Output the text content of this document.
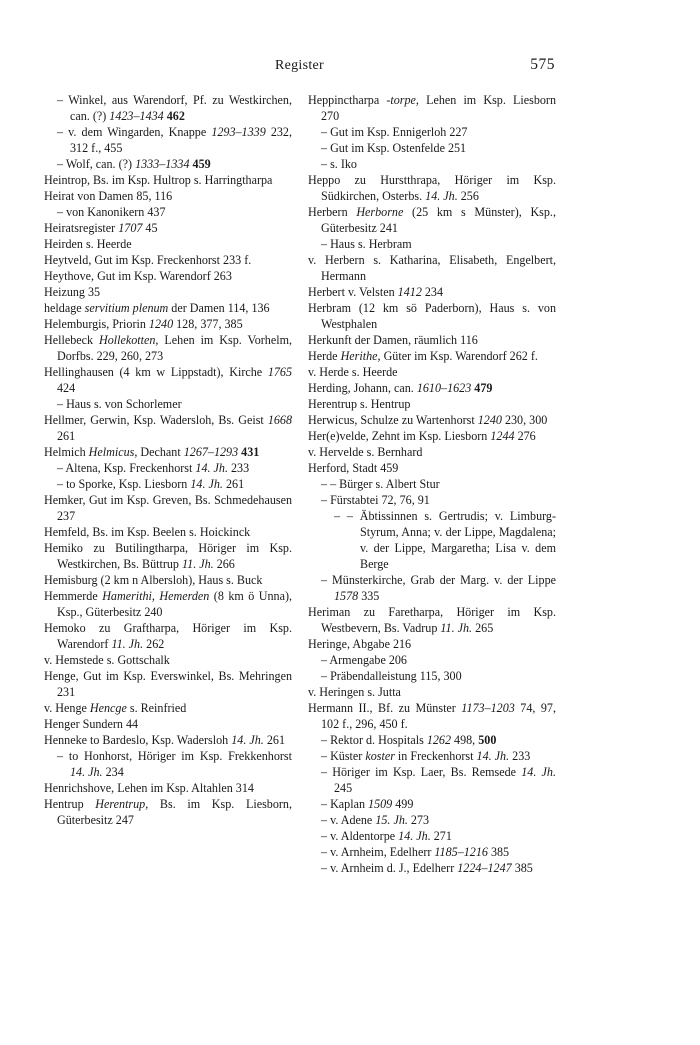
Register	575

– Winkel, aus Warendorf, Pf. zu Westkirchen, can. (?) 1423–1434 462

– v. dem Wingarden, Knappe 1293–1339 232, 312 f., 455

– Wolf, can. (?) 1333–1334 459

Heintrop, Bs. im Ksp. Hultrop s. Harringtharpa

Heirat von Damen 85, 116

– von Kanonikern 437

Heiratsregister 1707 45

Heirden s. Heerde

Heytveld, Gut im Ksp. Freckenhorst 233 f.

Heythove, Gut im Ksp. Warendorf 263

Heizung 35

heldage servitium plenum der Damen 114, 136

Helemburgis, Priorin 1240 128, 377, 385

Hellebeck Hollekotten, Lehen im Ksp. Vorhelm, Dorfbs. 229, 260, 273

Hellinghausen (4 km w Lippstadt), Kirche 1765 424

– Haus s. von Schorlemer

Hellmer, Gerwin, Ksp. Wadersloh, Bs. Geist 1668 261

Helmich Helmicus, Dechant 1267–1293 431

– Altena, Ksp. Freckenhorst 14. Jh. 233

– to Sporke, Ksp. Liesborn 14. Jh. 261

Hemker, Gut im Ksp. Greven, Bs. Schmedehausen 237

Hemfeld, Bs. im Ksp. Beelen s. Hoickinck

Hemiko zu Butilingtharpa, Höriger im Ksp. Westkirchen, Bs. Büttrup 11. Jh. 266

Hemisburg (2 km n Albersloh), Haus s. Buck

Hemmerde Hamerithi, Hemerden (8 km ö Unna), Ksp., Güterbesitz 240

Hemoko zu Graftharpa, Höriger im Ksp. Warendorf 11. Jh. 262

v. Hemstede s. Gottschalk

Henge, Gut im Ksp. Everswinkel, Bs. Mehringen 231

v. Henge Hencge s. Reinfried

Henger Sundern 44

Henneke to Bardeslo, Ksp. Wadersloh 14. Jh. 261

– to Honhorst, Höriger im Ksp. Frekkenhorst 14. Jh. 234

Henrichshove, Lehen im Ksp. Altahlen 314

Hentrup Herentrup, Bs. im Ksp. Liesborn, Güterbesitz 247

Heppinctharpa -torpe, Lehen im Ksp. Liesborn 270

– Gut im Ksp. Ennigerloh 227

– Gut im Ksp. Ostenfelde 251

– s. Iko

Heppo zu Hurstthrapa, Höriger im Ksp. Südkirchen, Osterbs. 14. Jh. 256

Herbern Herborne (25 km s Münster), Ksp., Güterbesitz 241

– Haus s. Herbram

v. Herbern s. Katharina, Elisabeth, Engelbert, Hermann

Herbert v. Velsten 1412 234

Herbram (12 km sö Paderborn), Haus s. von Westphalen

Herkunft der Damen, räumlich 116

Herde Herithe, Güter im Ksp. Warendorf 262 f.

v. Herde s. Heerde

Herding, Johann, can. 1610–1623 479

Herentrup s. Hentrup

Herwicus, Schulze zu Wartenhorst 1240 230, 300

Her(e)velde, Zehnt im Ksp. Liesborn 1244 276

v. Hervelde s. Bernhard

Herford, Stadt 459

– – Bürger s. Albert Stur

– Fürstabtei 72, 76, 91

– – Äbtissinnen s. Gertrudis; v. Limburg-Styrum, Anna; v. der Lippe, Magdalena; v. der Lippe, Margaretha; Lisa v. dem Berge

– Münsterkirche, Grab der Marg. v. der Lippe 1578 335

Heriman zu Faretharpa, Höriger im Ksp. Westbevern, Bs. Vadrup 11. Jh. 265

Heringe, Abgabe 216

– Armengabe 206

– Präbendalleistung 115, 300

v. Heringen s. Jutta

Hermann II., Bf. zu Münster 1173–1203 74, 97, 102 f., 296, 450 f.

– Rektor d. Hospitals 1262 498, 500

– Küster koster in Freckenhorst 14. Jh. 233

– Höriger im Ksp. Laer, Bs. Remsede 14. Jh. 245

– Kaplan 1509 499

– v. Adene 15. Jh. 273

– v. Aldentorpe 14. Jh. 271

– v. Arnheim, Edelherr 1185–1216 385

– v. Arnheim d. J., Edelherr 1224–1247 385
